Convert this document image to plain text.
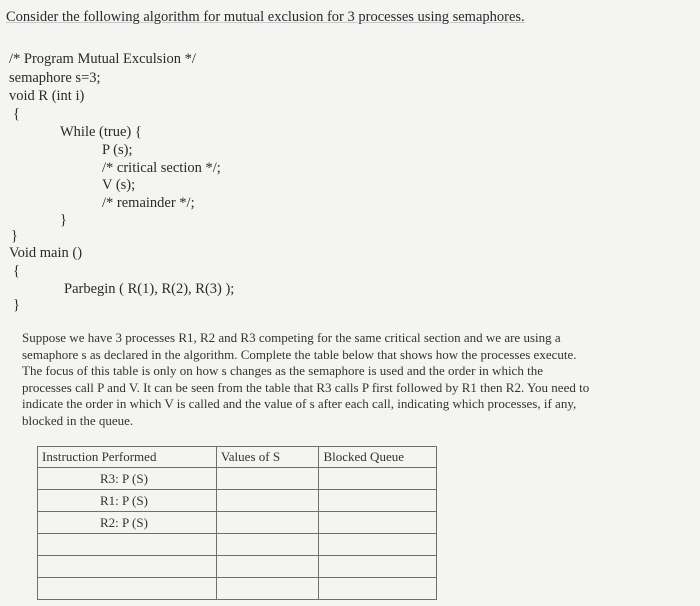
Consider the following algorithm for mutual exclusion for 3 processes using semaphores.
/* Program Mutual Exculsion */
semaphore s=3;
void R (int i)
{
While (true) {
P (s);
/* critical section */;
V (s);
/* remainder */;
}
}
Void main ()
{
Parbegin ( R(1), R(2), R(3) );
}
Suppose we have 3 processes R1, R2 and R3 competing for the same critical section and we are using a
semaphore s as declared in the algorithm. Complete the table below that shows how the processes execute.
The focus of this table is only on how s changes as the semaphore is used and the order in which the
processes call P and V. It can be seen from the table that R3 calls P first followed by R1 then R2. You need to
indicate the order in which V is called and the value of s after each call, indicating which processes, if any,
blocked in the queue.
Instruction Performed	Values of S	Blocked Queue
R3: P (S)		
R1: P (S)		
R2: P (S)		
